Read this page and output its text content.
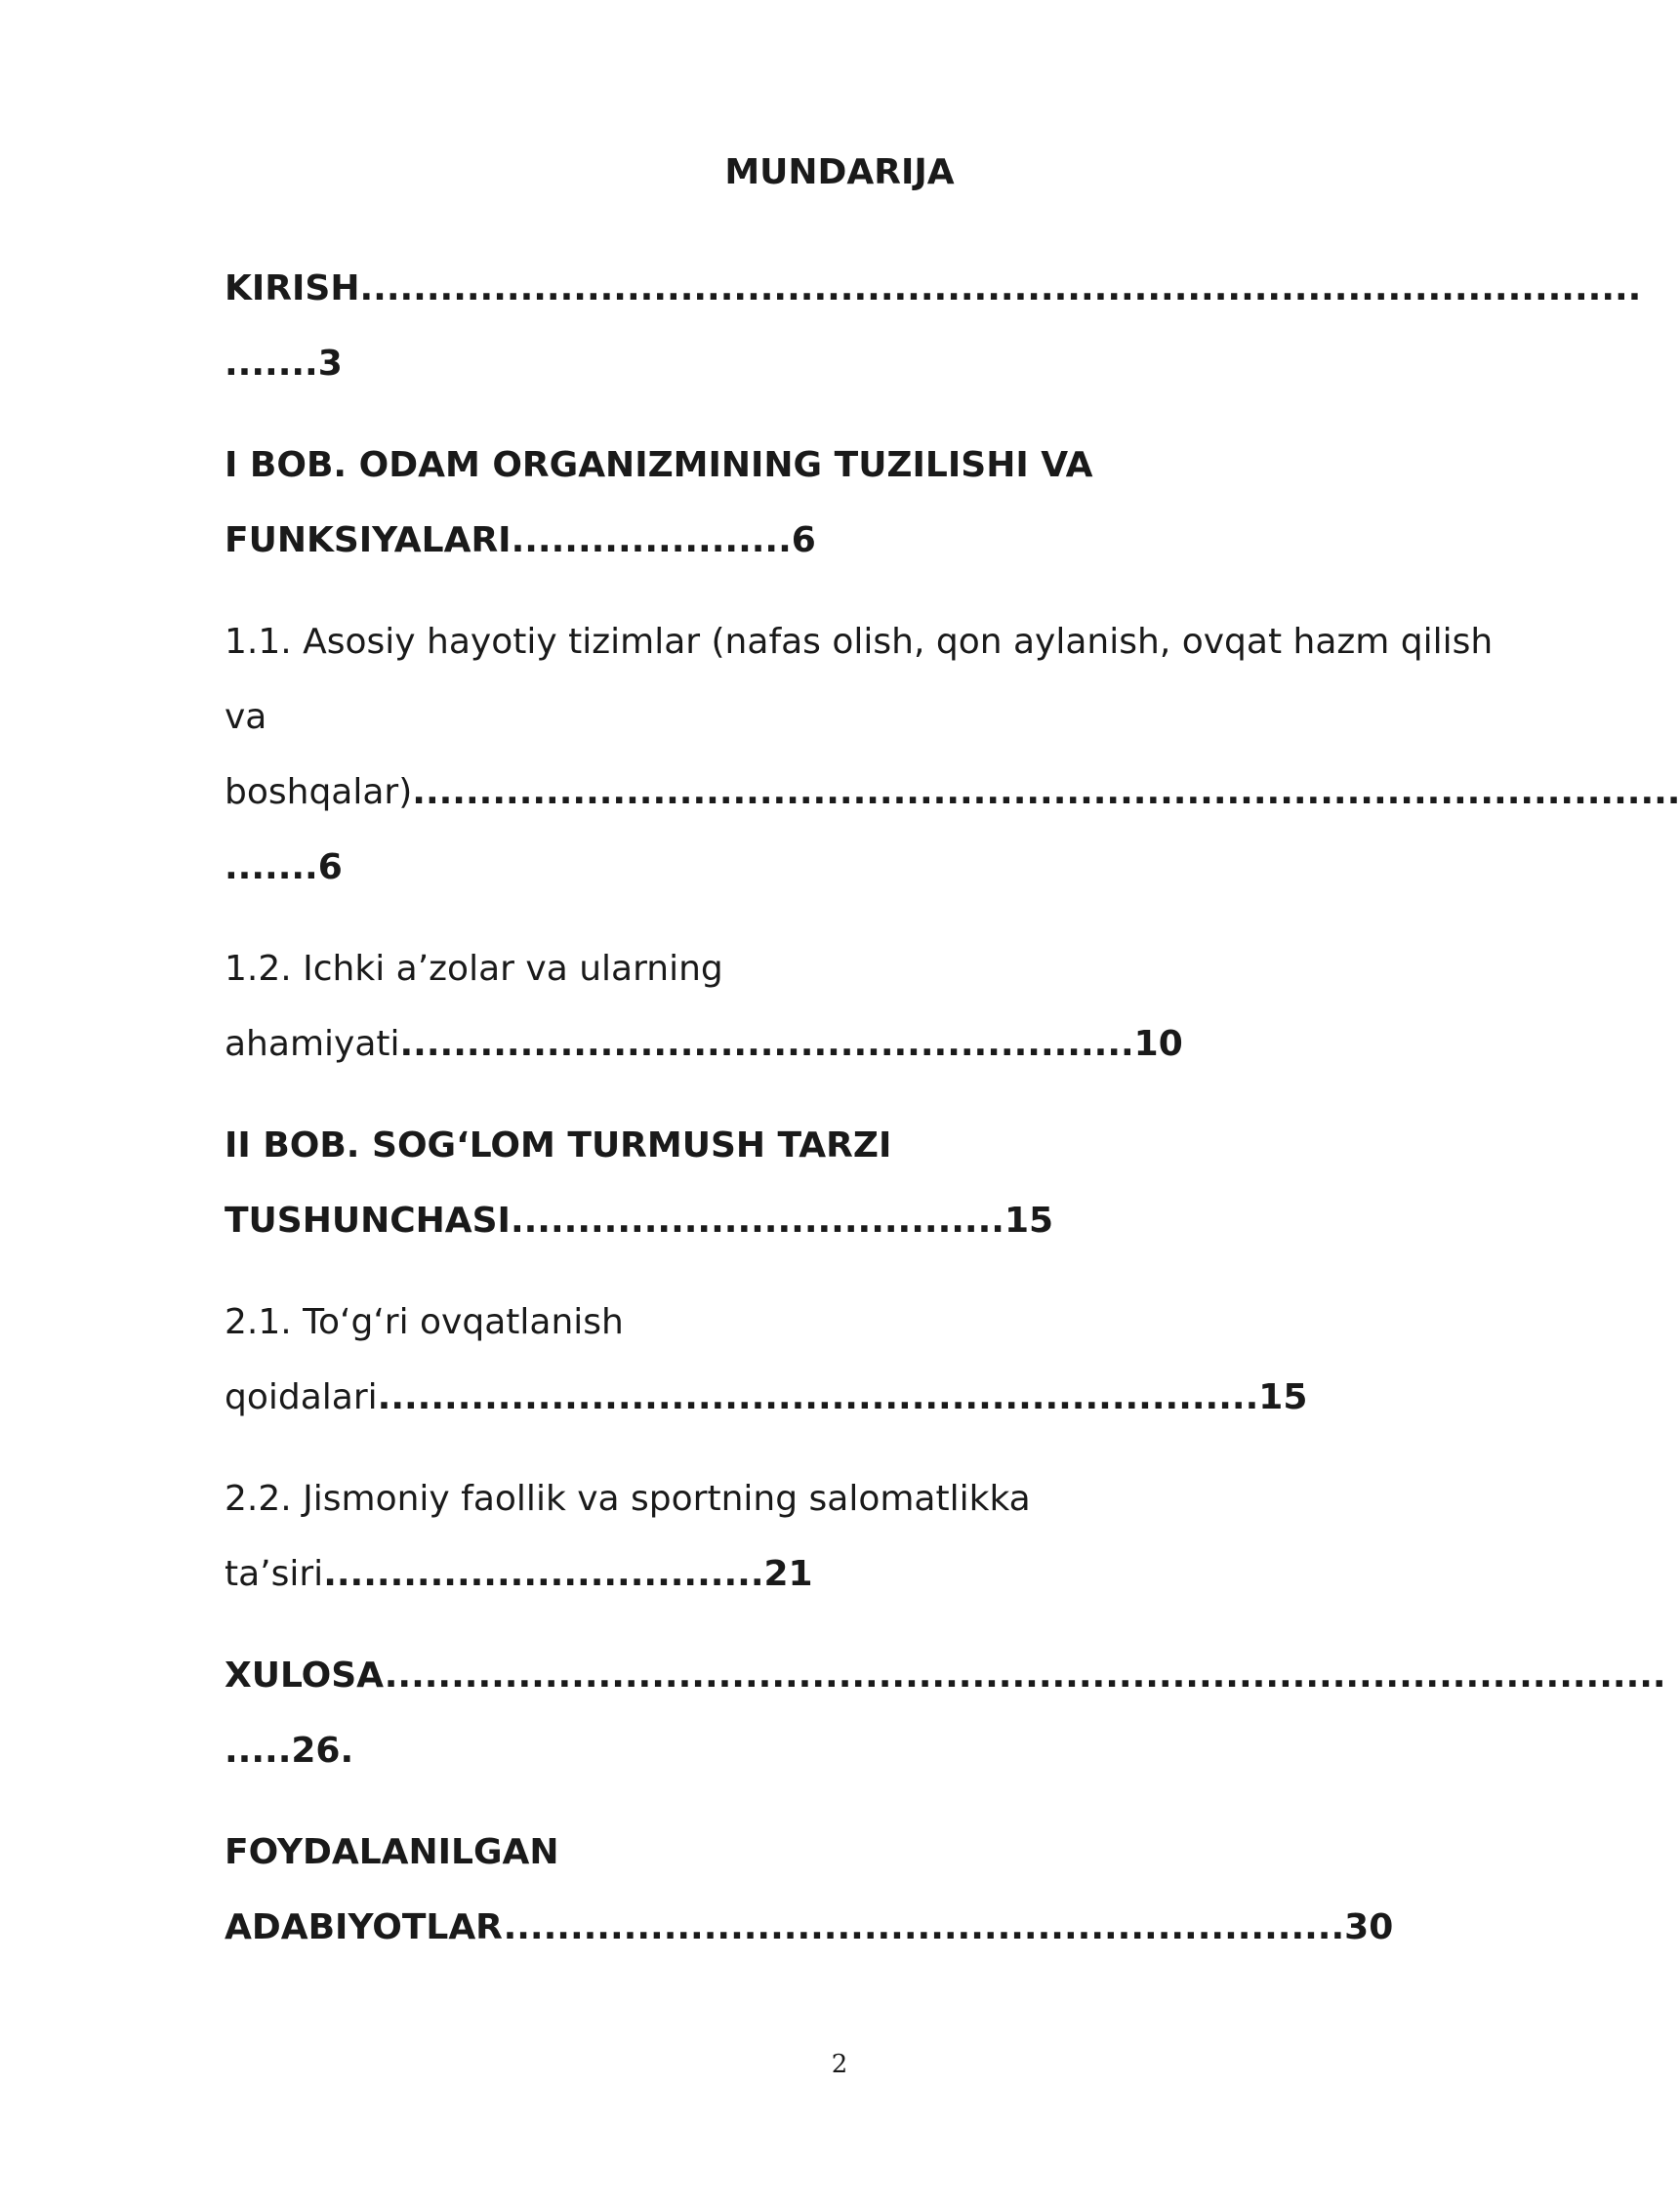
MUNDARIJA
KIRISH................................................................................................
.......3
I BOB. ODAM ORGANIZMINING TUZILISHI VA
FUNKSIYALARI.....................6
1.1. Asosiy hayotiy tizimlar (nafas olish, qon aylanish, ovqat hazm qilish
va
boshqalar)...............................................................................................
.......6
1.2. Ichki a’zolar va ularning
ahamiyati.......................................................10
II BOB. SOG‘LOM TURMUSH TARZI
TUSHUNCHASI.....................................15
2.1. To‘g‘ri ovqatlanish
qoidalari..................................................................15
2.2. Jismoniy faollik va sportning salomatlikka
ta’siri.................................21
XULOSA................................................................................................
.....26.
FOYDALANILGAN
ADABIYOTLAR...............................................................30
2
